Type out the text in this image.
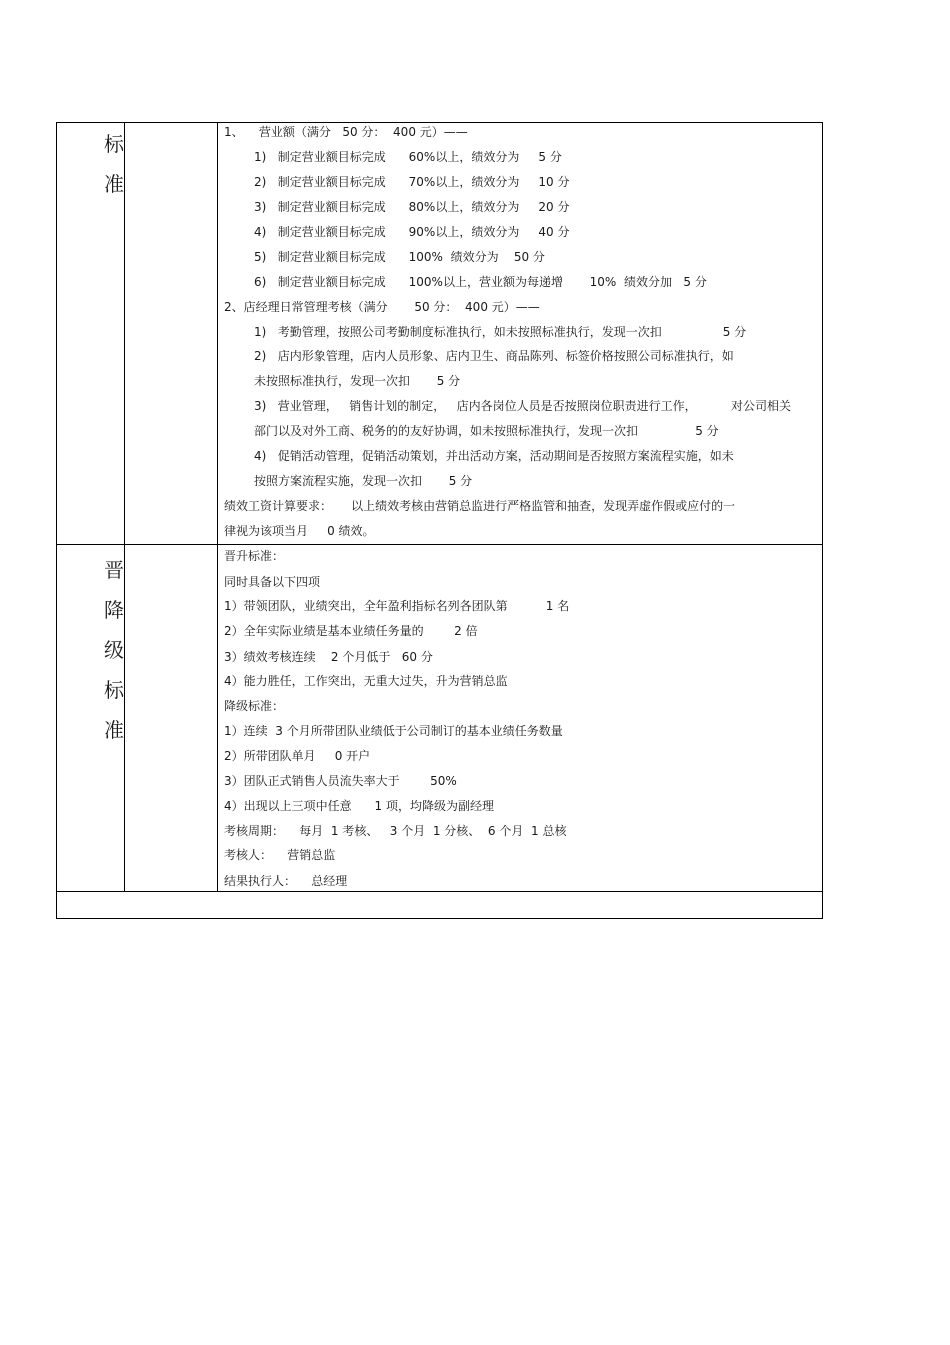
标
准
晋
降
级
标
准
1、    营业额（满分   50 分：  400 元）——
1)   制定营业额目标完成      60%以上，绩效分为     5 分
2)   制定营业额目标完成      70%以上，绩效分为     10 分
3)   制定营业额目标完成      80%以上，绩效分为     20 分
4)   制定营业额目标完成      90%以上，绩效分为     40 分
5)   制定营业额目标完成      100%  绩效分为    50 分
6)   制定营业额目标完成      100%以上，营业额为每递增       10%  绩效分加   5 分
2、店经理日常管理考核（满分       50 分：  400 元）——
1)   考勤管理，按照公司考勤制度标准执行，如未按照标准执行，发现一次扣                5 分
2)   店内形象管理，店内人员形象、店内卫生、商品陈列、标签价格按照公司标准执行，如
未按照标准执行，发现一次扣       5 分
3)   营业管理，   销售计划的制定，   店内各岗位人员是否按照岗位职责进行工作，         对公司相关
部门以及对外工商、税务的的友好协调，如未按照标准执行，发现一次扣               5 分
4)   促销活动管理，促销活动策划，并出活动方案，活动期间是否按照方案流程实施，如未
按照方案流程实施，发现一次扣       5 分
绩效工资计算要求：     以上绩效考核由营销总监进行严格监管和抽查，发现弄虚作假或应付的一
律视为该项当月     0 绩效。
晋升标准：
同时具备以下四项
1）带领团队，业绩突出，全年盈利指标名列各团队第          1 名
2）全年实际业绩是基本业绩任务量的        2 倍
3）绩效考核连续    2 个月低于   60 分
4）能力胜任，工作突出，无重大过失，升为营销总监
降级标准：
1）连续  3 个月所带团队业绩低于公司制订的基本业绩任务数量
2）所带团队单月     0 开户
3）团队正式销售人员流失率大于        50%
4）出现以上三项中任意      1 项，均降级为副经理
考核周期：    每月  1 考核、   3 个月  1 分核、  6 个月  1 总核
考核人：    营销总监
结果执行人：    总经理
